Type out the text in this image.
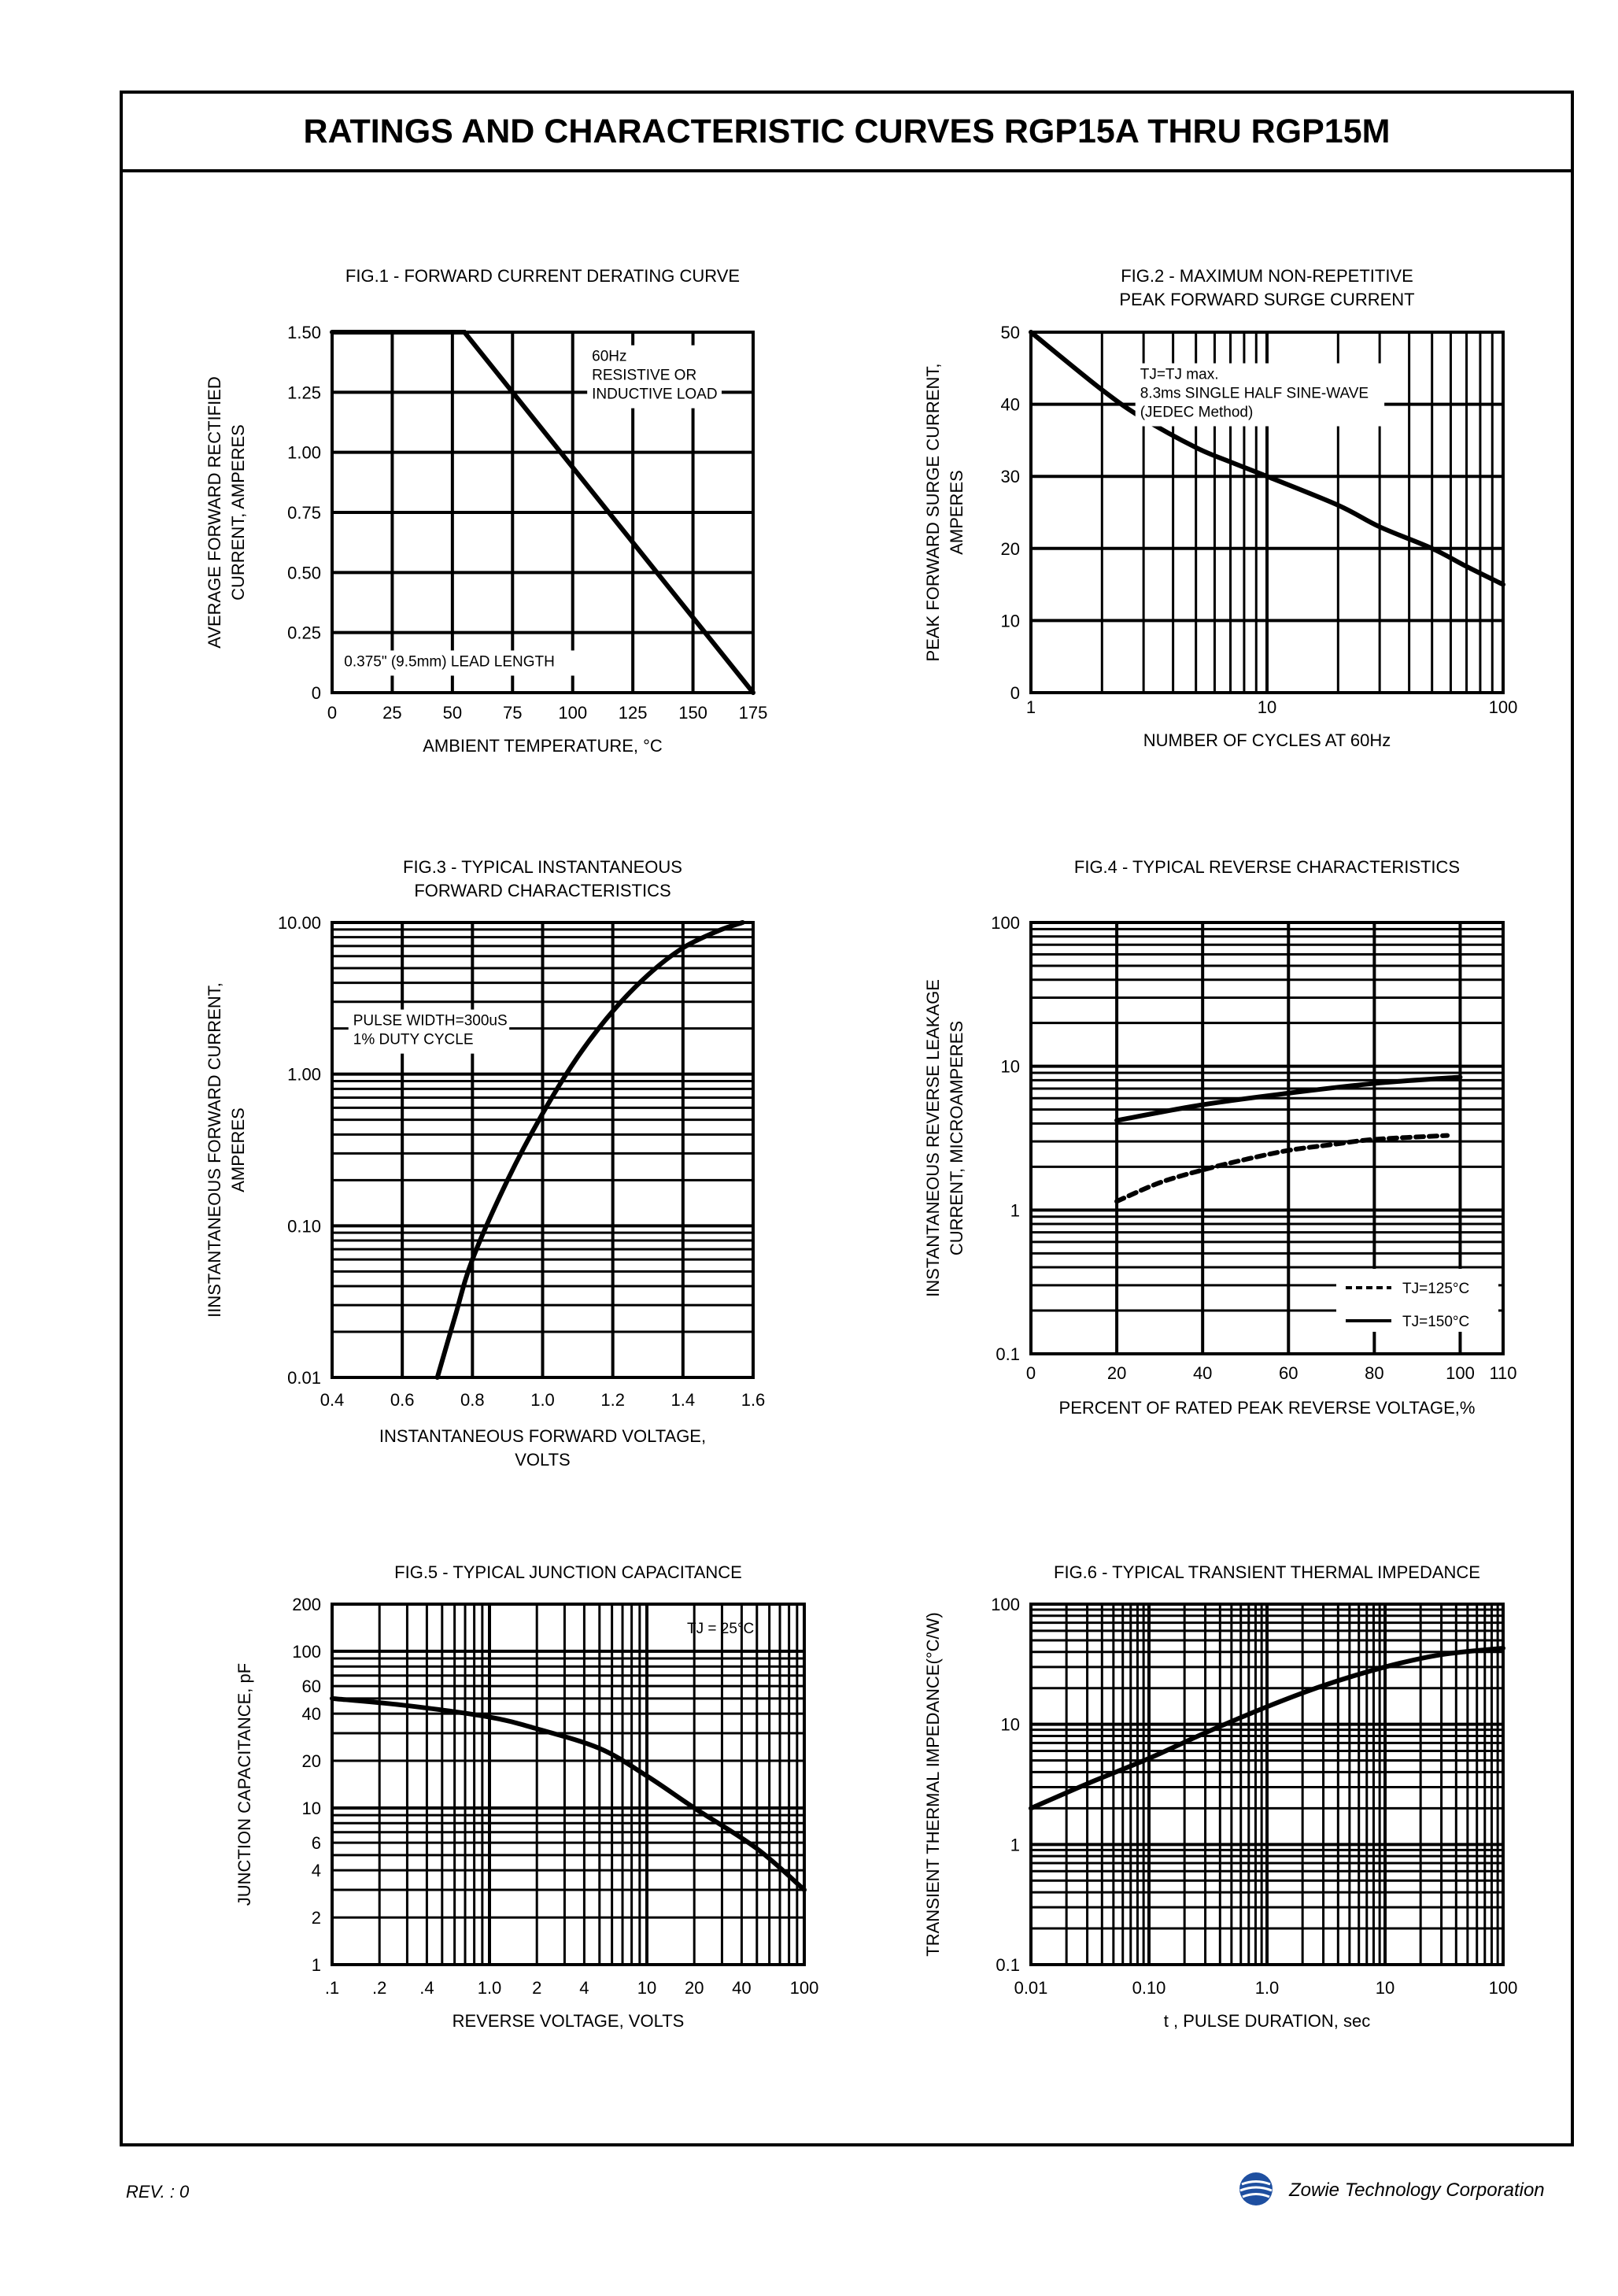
RATINGS AND CHARACTERISTIC CURVES RGP15A THRU RGP15M
FIG.1 - FORWARD CURRENT DERATING CURVE
0	25 50 75 100 125 150 175
0
0.25
0.50
0.75
1.00
1.25
1.50
AMBIENT TEMPERATURE, °C
AVERAGE FORWARD RECTIFIED CURRENT, AMPERES
60Hz
RESISTIVE OR
INDUCTIVE LOAD
0.375" (9.5mm) LEAD LENGTH
FIG.2 - MAXIMUM NON-REPETITIVE
PEAK FORWARD SURGE CURRENT
1	10	100
0
10
20
30
40
50
NUMBER OF CYCLES AT 60Hz
PEAK FORWARD SURGE CURRENT, AMPERES
TJ=TJ max.
8.3ms SINGLE HALF SINE-WAVE
(JEDEC Method)
FIG.3 - TYPICAL INSTANTANEOUS
FORWARD CHARACTERISTICS
0.4	0.6	0.8	1.0	1.2	1.4	1.6
0.01
0.10
1.00
10.00
INSTANTANEOUS FORWARD VOLTAGE,
VOLTS
IINSTANTANEOUS FORWARD CURRENT, AMPERES
PULSE WIDTH=300uS
1% DUTY CYCLE
FIG.4 - TYPICAL REVERSE CHARACTERISTICS
0	20	40	60	80	100 110
0.1
1
10
100
PERCENT OF RATED PEAK REVERSE VOLTAGE,%
INSTANTANEOUS REVERSE LEAKAGE CURRENT, MICROAMPERES
TJ=125°C
TJ=150°C
FIG.5 - TYPICAL JUNCTION CAPACITANCE
.1 .2 .4	1.0 2 4	10 20 40 100
1
2
4
6
10
20
40
60
100
200
REVERSE VOLTAGE, VOLTS
JUNCTION CAPACITANCE, pF
TJ = 25°C
FIG.6 - TYPICAL TRANSIENT THERMAL IMPEDANCE
0.01	0.10	1.0	10	100
0.1
1
10
100
t , PULSE DURATION, sec
TRANSIENT THERMAL IMPEDANCE(°C/W)
REV. : 0	Zowie Technology Corporation
